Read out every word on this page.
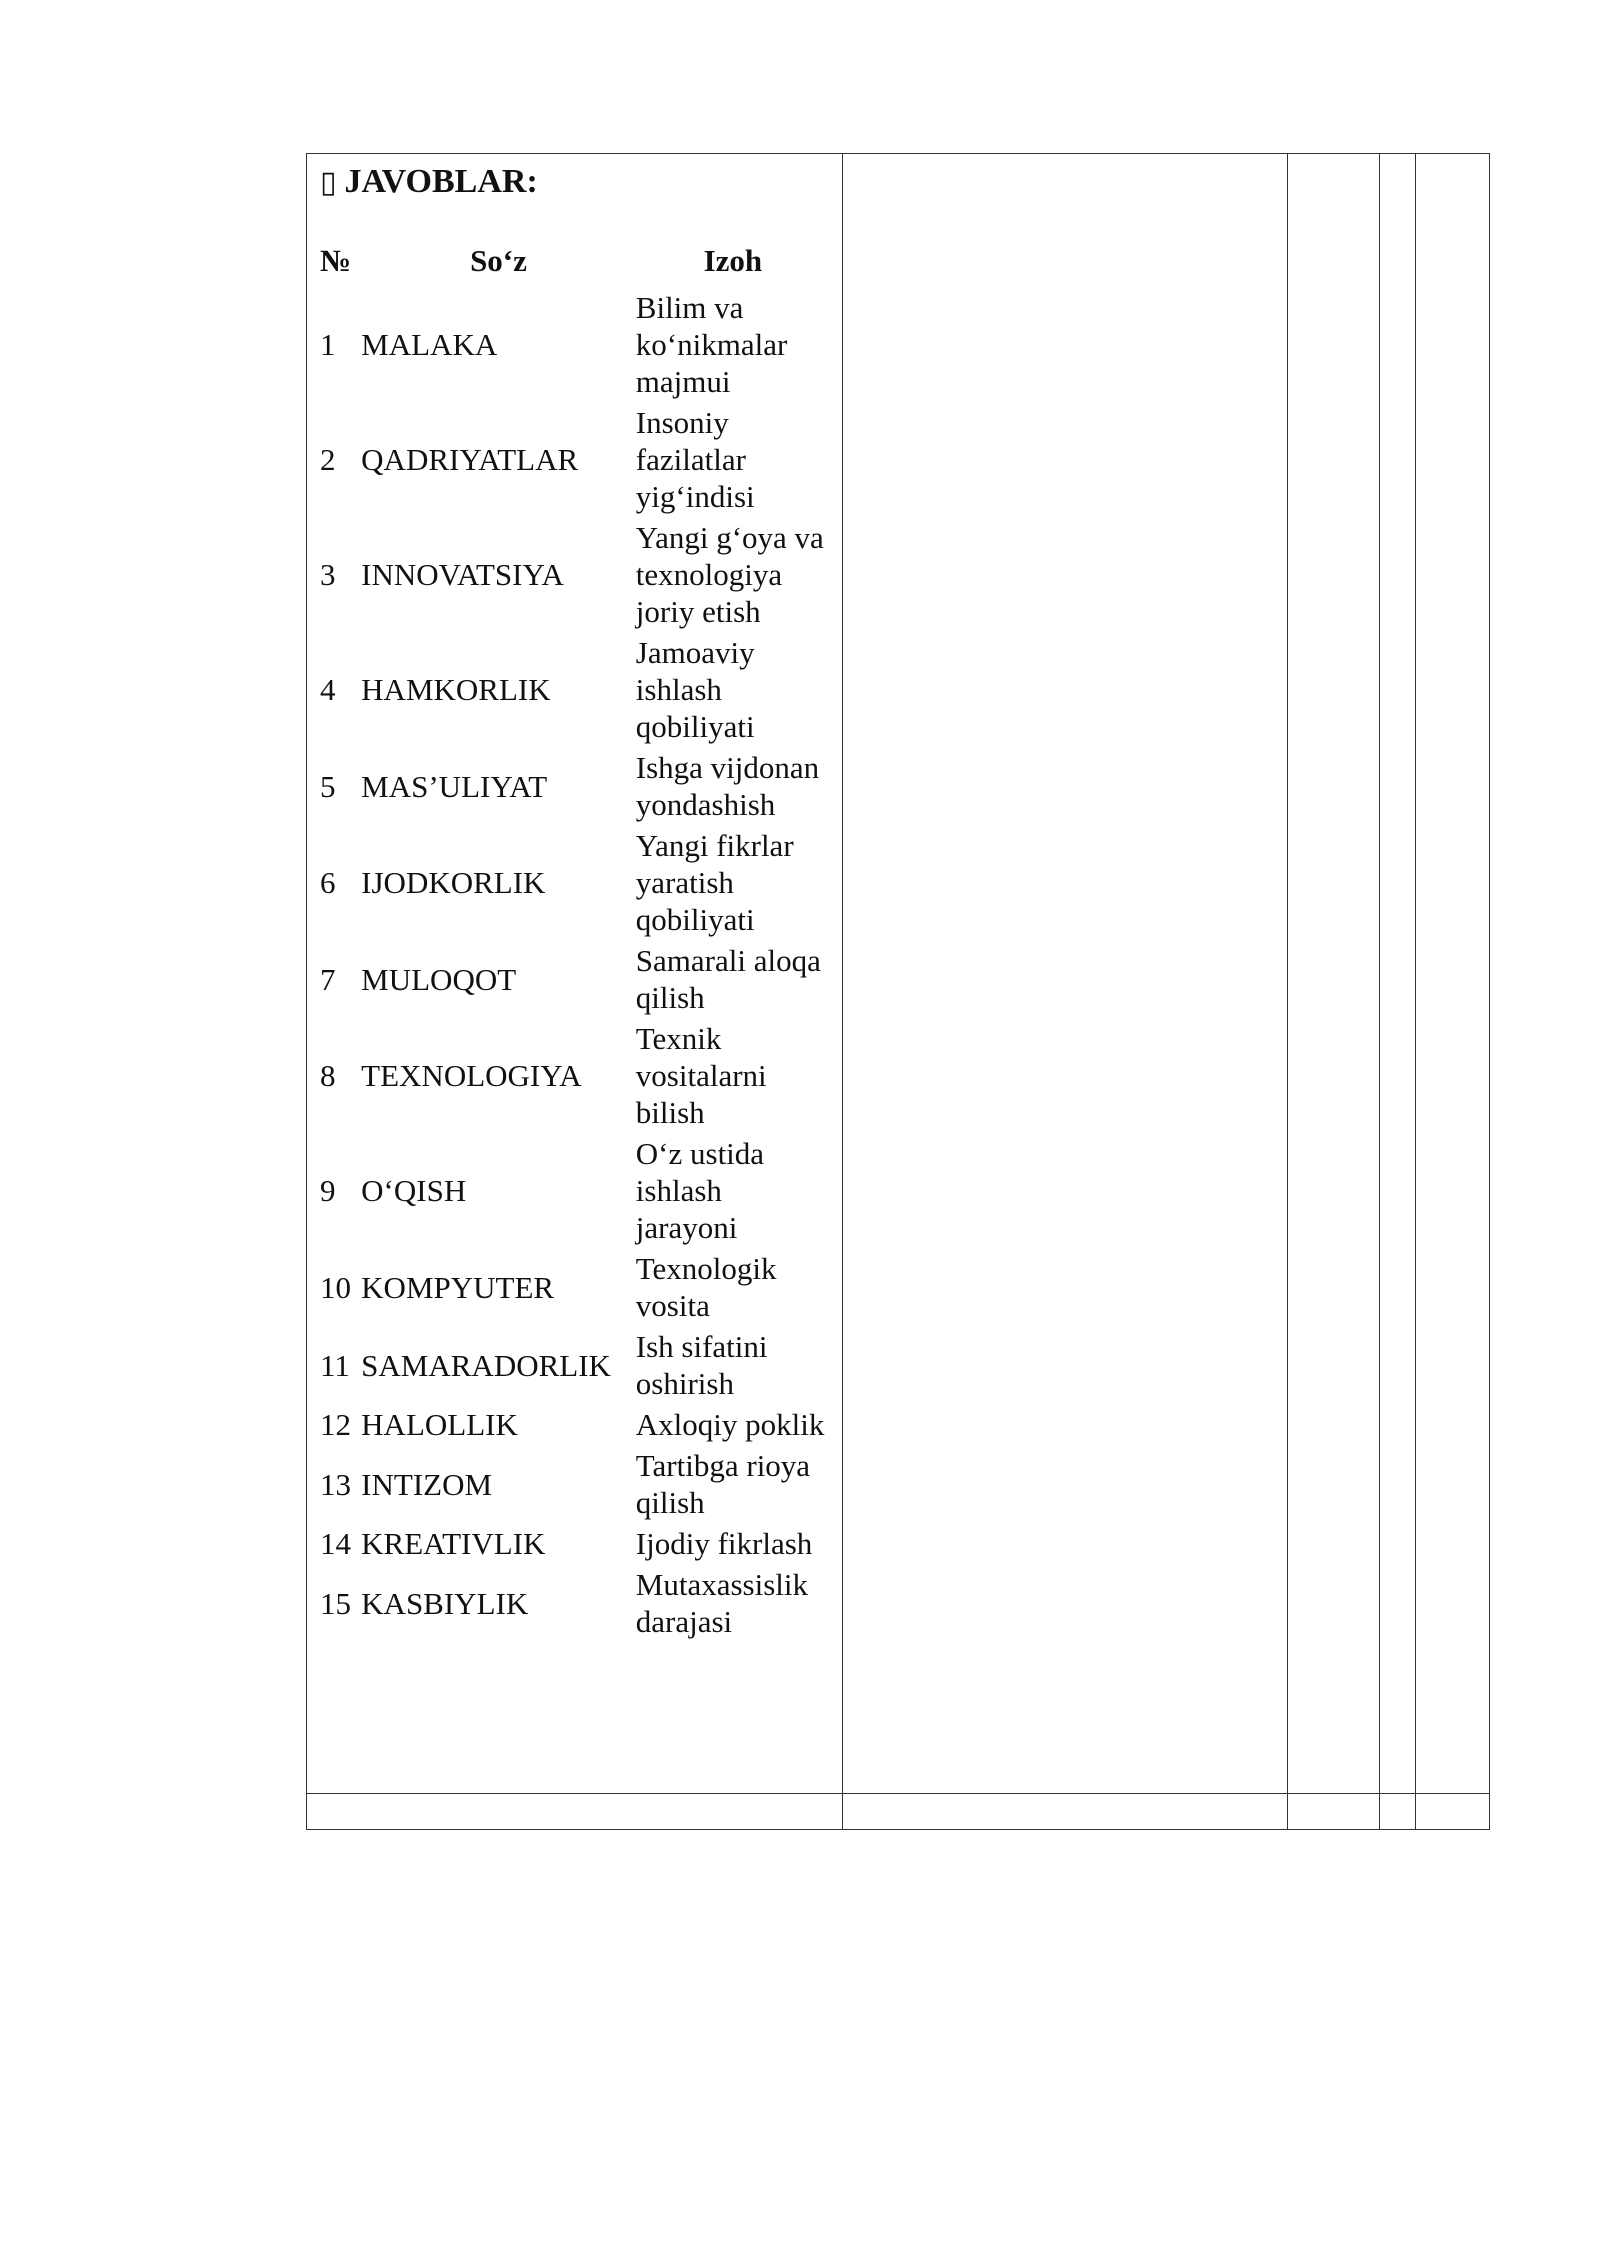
▯ JAVOBLAR:
№	So‘z	Izoh
1	MALAKA	Bilim va ko‘nikmalar majmui
2	QADRIYATLAR	Insoniy fazilatlar yig‘indisi
3	INNOVATSIYA	Yangi g‘oya va texnologiya joriy etish
4	HAMKORLIK	Jamoaviy ishlash qobiliyati
5	MAS’ULIYAT	Ishga vijdonan yondashish
6	IJODKORLIK	Yangi fikrlar yaratish qobiliyati
7	MULOQOT	Samarali aloqa qilish
8	TEXNOLOGIYA	Texnik vositalarni bilish
9	O‘QISH	O‘z ustida ishlash jarayoni
10	KOMPYUTER	Texnologik vosita
11	SAMARADORLIK	Ish sifatini oshirish
12	HALOLLIK	Axloqiy poklik
13	INTIZOM	Tartibga rioya qilish
14	KREATIVLIK	Ijodiy fikrlash
15	KASBIYLIK	Mutaxassislik darajasi
